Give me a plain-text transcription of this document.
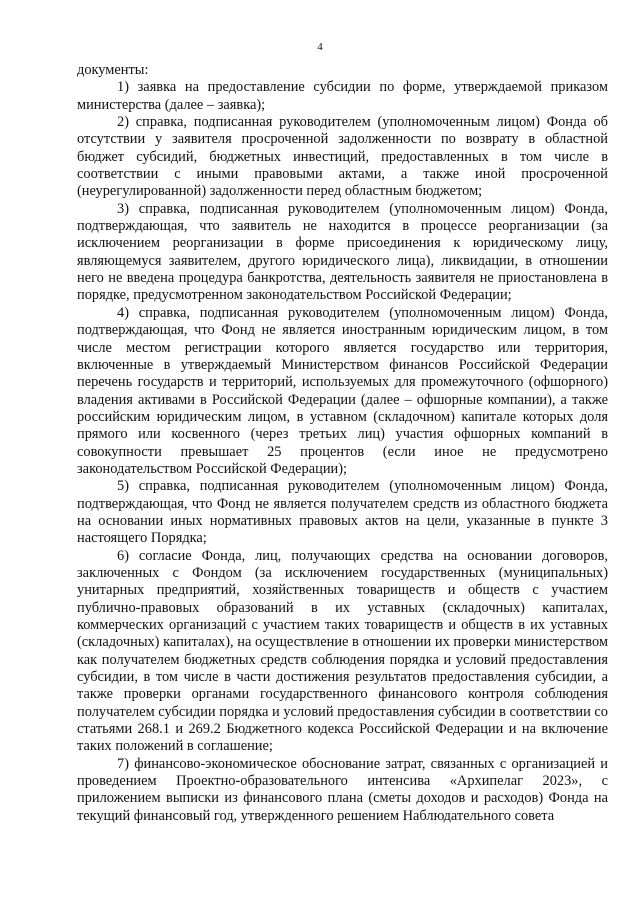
4

документы:

1) заявка на предоставление субсидии по форме, утверждаемой приказом министерства (далее – заявка);

2) справка, подписанная руководителем (уполномоченным лицом) Фонда об отсутствии у заявителя просроченной задолженности по возврату в областной бюджет субсидий, бюджетных инвестиций, предоставленных в том числе в соответствии с иными правовыми актами, а также иной просроченной (неурегулированной) задолженности перед областным бюджетом;

3) справка, подписанная руководителем (уполномоченным лицом) Фонда, подтверждающая, что заявитель не находится в процессе реорганизации (за исключением реорганизации в форме присоединения к юридическому лицу, являющемуся заявителем, другого юридического лица), ликвидации, в отношении него не введена процедура банкротства, деятельность заявителя не приостановлена в порядке, предусмотренном законодательством Российской Федерации;

4) справка, подписанная руководителем (уполномоченным лицом) Фонда, подтверждающая, что Фонд не является иностранным юридическим лицом, в том числе местом регистрации которого является государство или территория, включенные в утверждаемый Министерством финансов Российской Федерации перечень государств и территорий, используемых для промежуточного (офшорного) владения активами в Российской Федерации (далее – офшорные компании), а также российским юридическим лицом, в уставном (складочном) капитале которых доля прямого или косвенного (через третьих лиц) участия офшорных компаний в совокупности превышает 25 процентов (если иное не предусмотрено законодательством Российской Федерации);

5) справка, подписанная руководителем (уполномоченным лицом) Фонда, подтверждающая, что Фонд не является получателем средств из областного бюджета на основании иных нормативных правовых актов на цели, указанные в пункте 3 настоящего Порядка;

6) согласие Фонда, лиц, получающих средства на основании договоров, заключенных с Фондом (за исключением государственных (муниципальных) унитарных предприятий, хозяйственных товариществ и обществ с участием публично-правовых образований в их уставных (складочных) капиталах, коммерческих организаций с участием таких товариществ и обществ в их уставных (складочных) капиталах), на осуществление в отношении их проверки министерством как получателем бюджетных средств соблюдения порядка и условий предоставления субсидии, в том числе в части достижения результатов предоставления субсидии, а также проверки органами государственного финансового контроля соблюдения получателем субсидии порядка и условий предоставления субсидии в соответствии со статьями 268.1 и 269.2 Бюджетного кодекса Российской Федерации и на включение таких положений в соглашение;

7) финансово-экономическое обоснование затрат, связанных с организацией и проведением Проектно-образовательного интенсива «Архипелаг 2023», с приложением выписки из финансового плана (сметы доходов и расходов) Фонда на текущий финансовый год, утвержденного решением Наблюдательного совета
